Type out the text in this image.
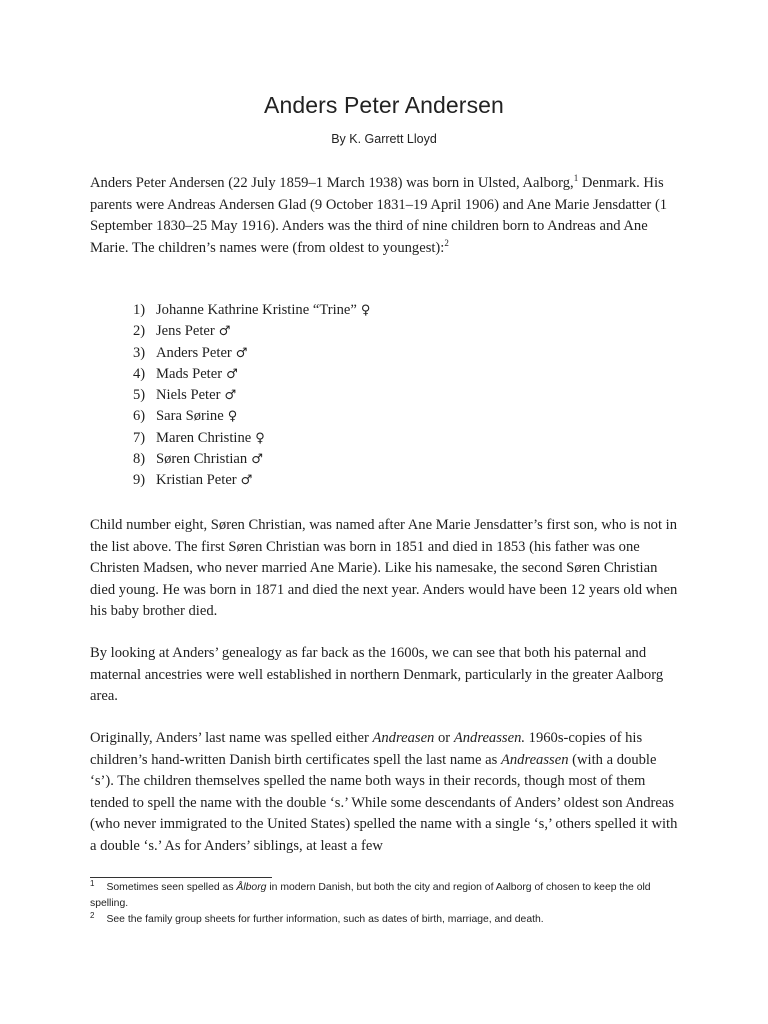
Anders Peter Andersen
By K. Garrett Lloyd

Anders Peter Andersen (22 July 1859–1 March 1938) was born in Ulsted, Aalborg,$^1$ Denmark. His parents were Andreas Andersen Glad (9 October 1831–19 April 1906) and Ane Marie Jensdatter (1 September 1830–25 May 1916). Anders was the third of nine children born to Andreas and Ane Marie. The children’s names were (from oldest to youngest):$^2$

1) Johanne Kathrine Kristine “Trine” ♀
2) Jens Peter ♂
3) Anders Peter ♂
4) Mads Peter ♂
5) Niels Peter ♂
6) Sara Sørine ♀
7) Maren Christine ♀
8) Søren Christian ♂
9) Kristian Peter ♂

Child number eight, Søren Christian, was named after Ane Marie Jensdatter’s first son, who is not in the list above. The first Søren Christian was born in 1851 and died in 1853 (his father was one Christen Madsen, who never married Ane Marie). Like his namesake, the second Søren Christian died young. He was born in 1871 and died the next year. Anders would have been 12 years old when his baby brother died.

By looking at Anders’ genealogy as far back as the 1600s, we can see that both his paternal and maternal ancestries were well established in northern Denmark, particularly in the greater Aalborg area.

Originally, Anders’ last name was spelled either Andreasen or Andreassen. 1960s-copies of his children’s hand-written Danish birth certificates spell the last name as Andreassen (with a double ‘s’). The children themselves spelled the name both ways in their records, though most of them tended to spell the name with the double ‘s.’ While some descendants of Anders’ oldest son Andreas (who never immigrated to the United States) spelled the name with a single ‘s,’ others spelled it with a double ‘s.’ As for Anders’ siblings, at least a few

$^1$ Sometimes seen spelled as Ålborg in modern Danish, but both the city and region of Aalborg of chosen to keep the old spelling.

$^2$ See the family group sheets for further information, such as dates of birth, marriage, and death.
